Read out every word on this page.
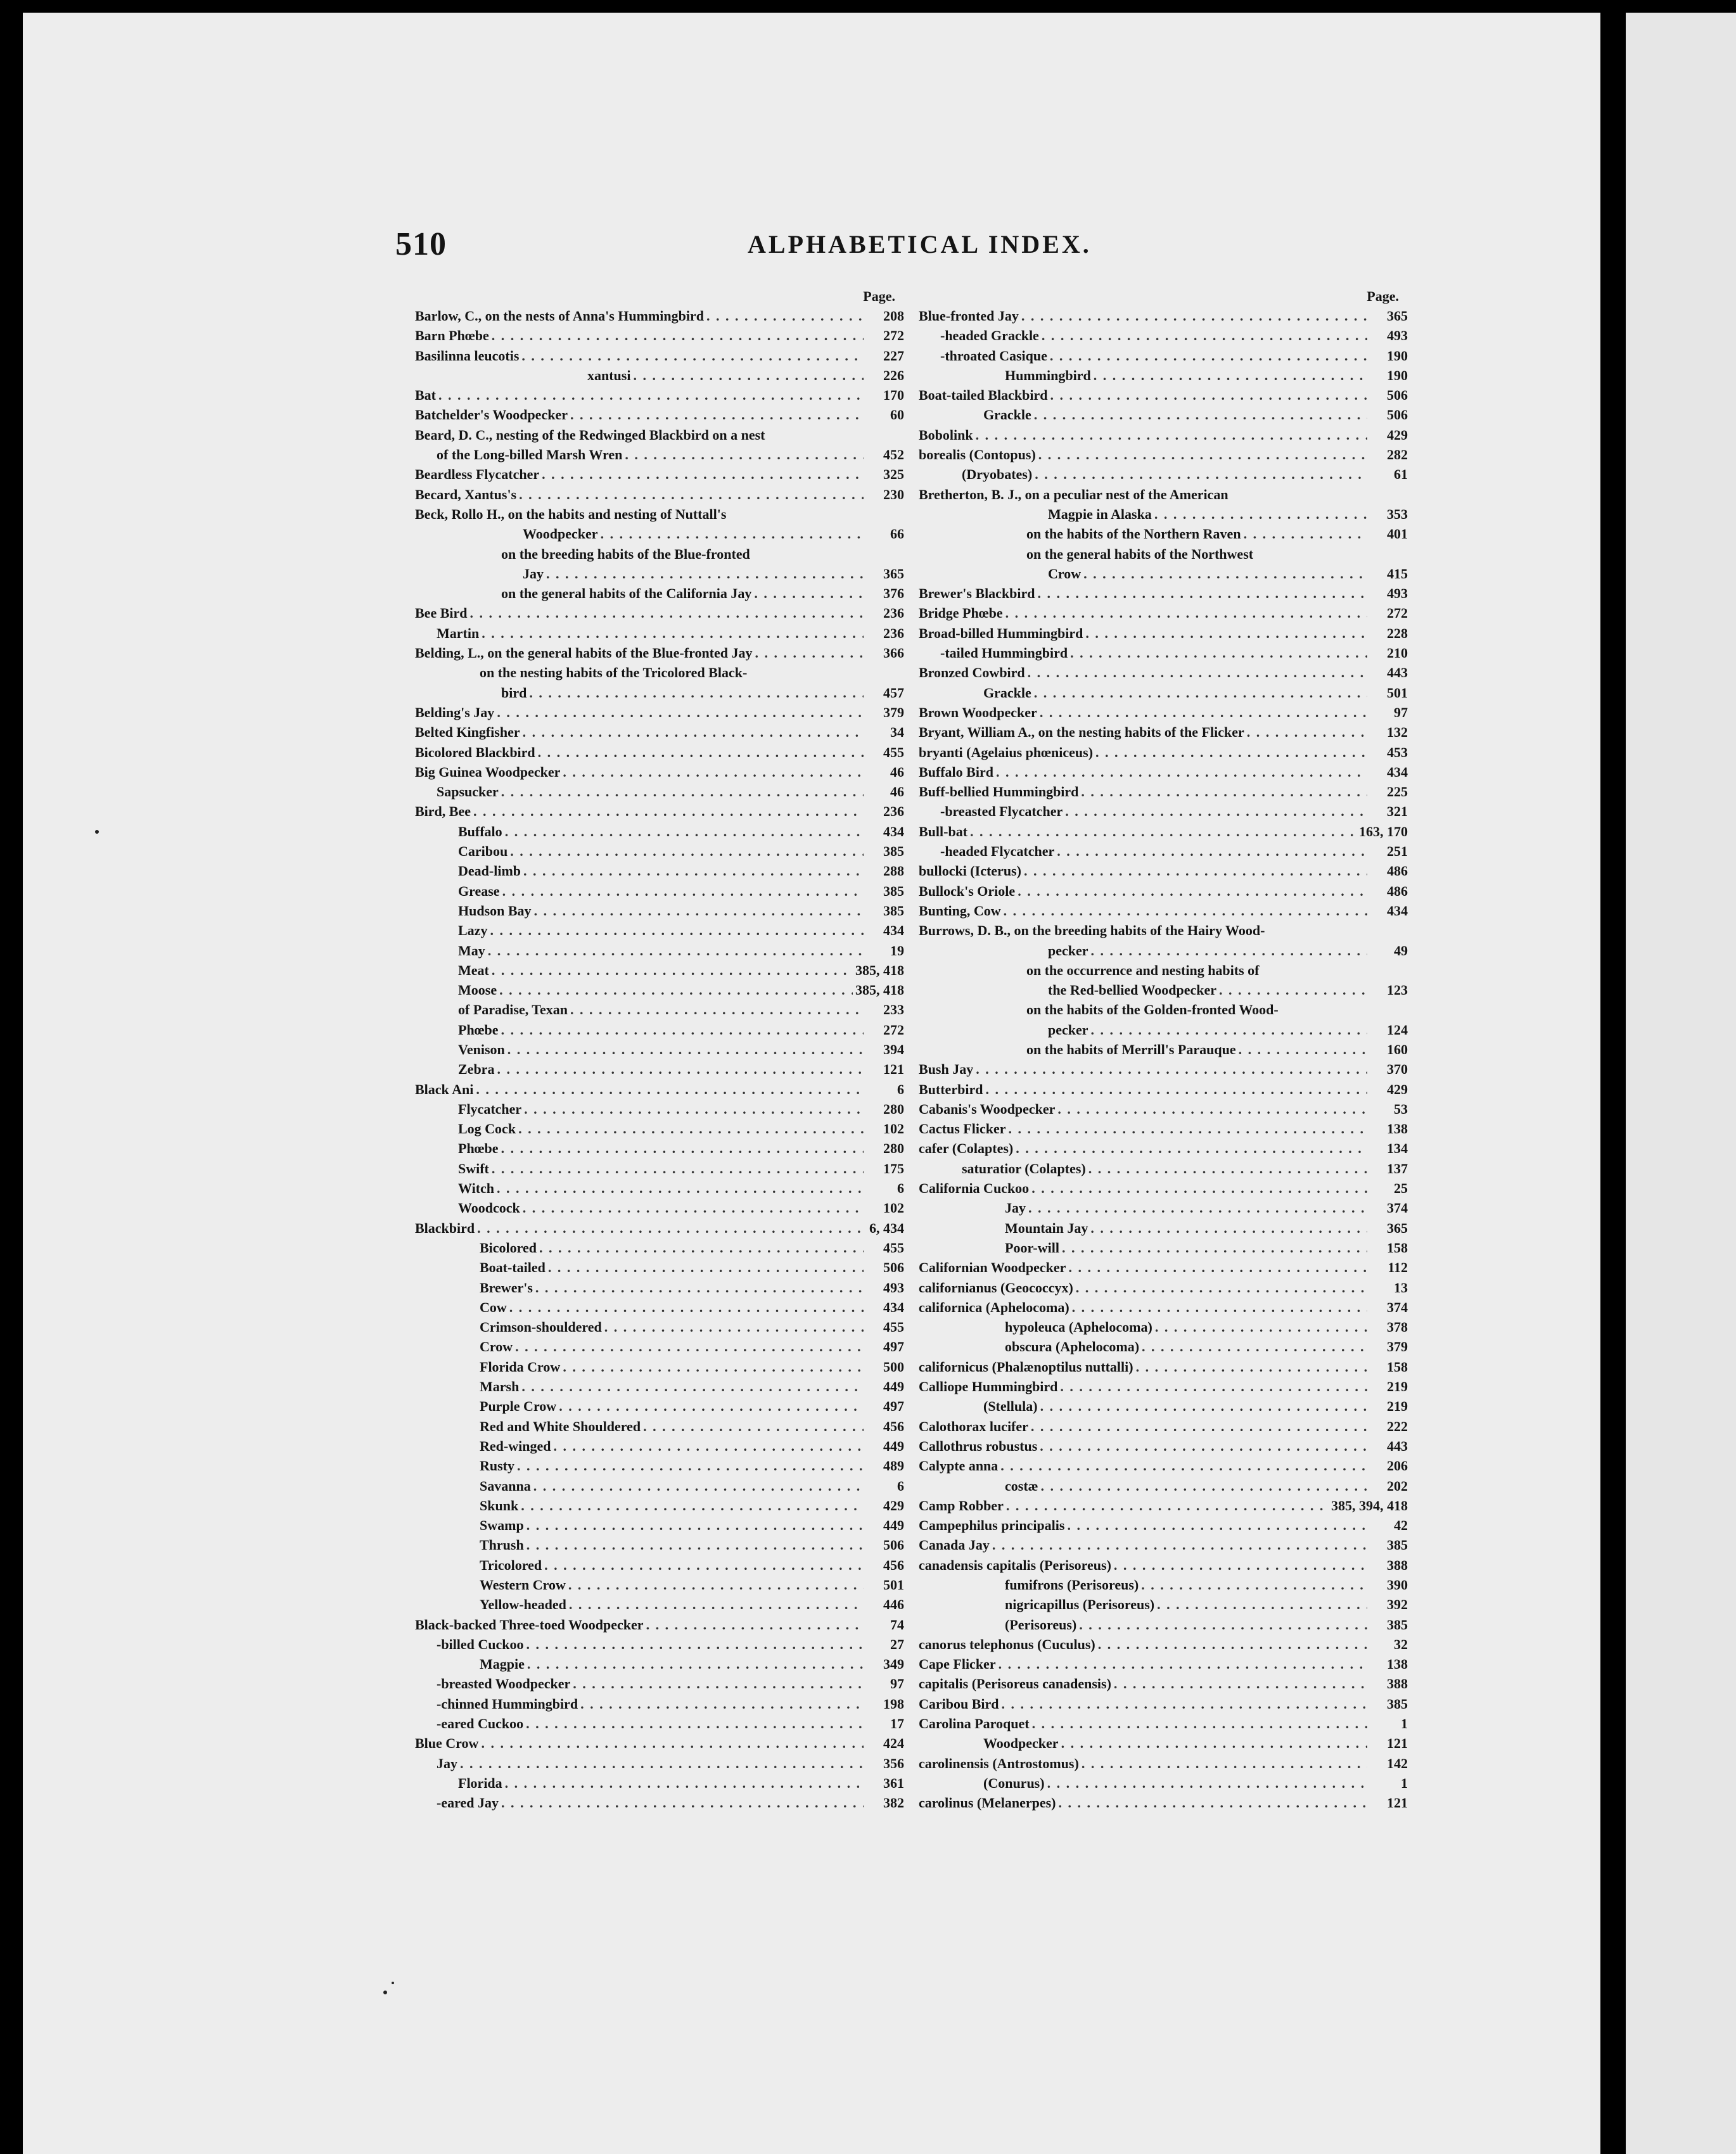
510	ALPHABETICAL INDEX.
Page.
Barlow, C., on the nests of Anna's Hummingbird . . .	208
Barn Phœbe . . .	272
Basilinna leucotis . . .	227
xantusi . . .	226
Bat . . .	170
Batchelder's Woodpecker . . .	60
Beard, D. C., nesting of the Redwinged Blackbird on a nest
of the Long-billed Marsh Wren . . .	452
Beardless Flycatcher . . .	325
Becard, Xantus's . . .	230
Beck, Rollo H., on the habits and nesting of Nuttall's
Woodpecker . . .	66
on the breeding habits of the Blue-fronted
Jay . . .	365
on the general habits of the California Jay . . .	376
Bee Bird . . .	236
Martin . . .	236
Belding, L., on the general habits of the Blue-fronted Jay . . .	366
on the nesting habits of the Tricolored Black-
bird . . .	457
Belding's Jay . . .	379
Belted Kingfisher . . .	34
Bicolored Blackbird . . .	455
Big Guinea Woodpecker . . .	46
Sapsucker . . .	46
Bird, Bee . . .	236
Buffalo . . .	434
Caribou . . .	385
Dead-limb . . .	288
Grease . . .	385
Hudson Bay . . .	385
Lazy . . .	434
May . . .	19
Meat . . .	385, 418
Moose . . .	385, 418
of Paradise, Texan . . .	233
Phœbe . . .	272
Venison . . .	394
Zebra . . .	121
Black Ani . . .	6
Flycatcher . . .	280
Log Cock . . .	102
Phœbe . . .	280
Swift . . .	175
Witch . . .	6
Woodcock . . .	102
Blackbird . . .	6, 434
Bicolored . . .	455
Boat-tailed . . .	506
Brewer's . . .	493
Cow . . .	434
Crimson-shouldered . . .	455
Crow . . .	497
Florida Crow . . .	500
Marsh . . .	449
Purple Crow . . .	497
Red and White Shouldered . . .	456
Red-winged . . .	449
Rusty . . .	489
Savanna . . .	6
Skunk . . .	429
Swamp . . .	449
Thrush . . .	506
Tricolored . . .	456
Western Crow . . .	501
Yellow-headed . . .	446
Black-backed Three-toed Woodpecker . . .	74
-billed Cuckoo . . .	27
Magpie . . .	349
-breasted Woodpecker . . .	97
-chinned Hummingbird . . .	198
-eared Cuckoo . . .	17
Blue Crow . . .	424
Jay . . .	356
Florida . . .	361
-eared Jay . . .	382
Page.
Blue-fronted Jay . . .	365
-headed Grackle . . .	493
-throated Casique . . .	190
Hummingbird . . .	190
Boat-tailed Blackbird . . .	506
Grackle . . .	506
Bobolink . . .	429
borealis (Contopus) . . .	282
(Dryobates) . . .	61
Bretherton, B. J., on a peculiar nest of the American
Magpie in Alaska . . .	353
on the habits of the Northern Raven . . .	401
on the general habits of the Northwest
Crow . . .	415
Brewer's Blackbird . . .	493
Bridge Phœbe . . .	272
Broad-billed Hummingbird . . .	228
-tailed Hummingbird . . .	210
Bronzed Cowbird . . .	443
Grackle . . .	501
Brown Woodpecker . . .	97
Bryant, William A., on the nesting habits of the Flicker . . .	132
bryanti (Agelaius phœniceus) . . .	453
Buffalo Bird . . .	434
Buff-bellied Hummingbird . . .	225
-breasted Flycatcher . . .	321
Bull-bat . . .	163, 170
-headed Flycatcher . . .	251
bullocki (Icterus) . . .	486
Bullock's Oriole . . .	486
Bunting, Cow . . .	434
Burrows, D. B., on the breeding habits of the Hairy Wood-
pecker . . .	49
on the occurrence and nesting habits of
the Red-bellied Woodpecker . . .	123
on the habits of the Golden-fronted Wood-
pecker . . .	124
on the habits of Merrill's Parauque . . .	160
Bush Jay . . .	370
Butterbird . . .	429
Cabanis's Woodpecker . . .	53
Cactus Flicker . . .	138
cafer (Colaptes) . . .	134
saturatior (Colaptes) . . .	137
California Cuckoo . . .	25
Jay . . .	374
Mountain Jay . . .	365
Poor-will . . .	158
Californian Woodpecker . . .	112
californianus (Geococcyx) . . .	13
californica (Aphelocoma) . . .	374
hypoleuca (Aphelocoma) . . .	378
obscura (Aphelocoma) . . .	379
californicus (Phalænoptilus nuttalli) . . .	158
Calliope Hummingbird . . .	219
(Stellula) . . .	219
Calothorax lucifer . . .	222
Callothrus robustus . . .	443
Calypte anna . . .	206
costæ . . .	202
Camp Robber . . .	385, 394, 418
Campephilus principalis . . .	42
Canada Jay . . .	385
canadensis capitalis (Perisoreus) . . .	388
fumifrons (Perisoreus) . . .	390
nigricapillus (Perisoreus) . . .	392
(Perisoreus) . . .	385
canorus telephonus (Cuculus) . . .	32
Cape Flicker . . .	138
capitalis (Perisoreus canadensis) . . .	388
Caribou Bird . . .	385
Carolina Paroquet . . .	1
Woodpecker . . .	121
carolinensis (Antrostomus) . . .	142
(Conurus) . . .	1
carolinus (Melanerpes) . . .	121
